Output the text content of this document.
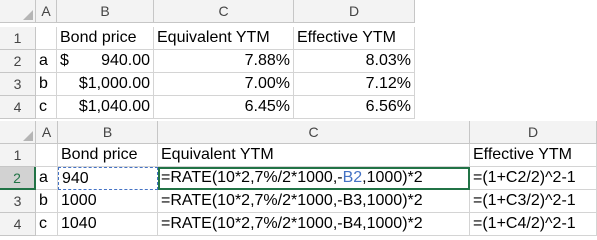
A	B	C	D
1	Bond price	Equivalent YTM	Effective YTM
2	a $ 940.00	7.88%	8.03%
3	b	$1,000.00	7.00%	7.12%
4	c	$1,040.00	6.45%	6.56%
A	B	C	D
1	Bond price	Equivalent YTM	Effective YTM
2	a 940	=RATE(10*2,7%/2*1000,-B2,1000)*2	=(1+C2/2)^2-1
3	b 1000	=RATE(10*2,7%/2*1000,-B3,1000)*2	=(1+C3/2)^2-1
4	c 1040	=RATE(10*2,7%/2*1000,-B4,1000)*2	=(1+C4/2)^2-1
